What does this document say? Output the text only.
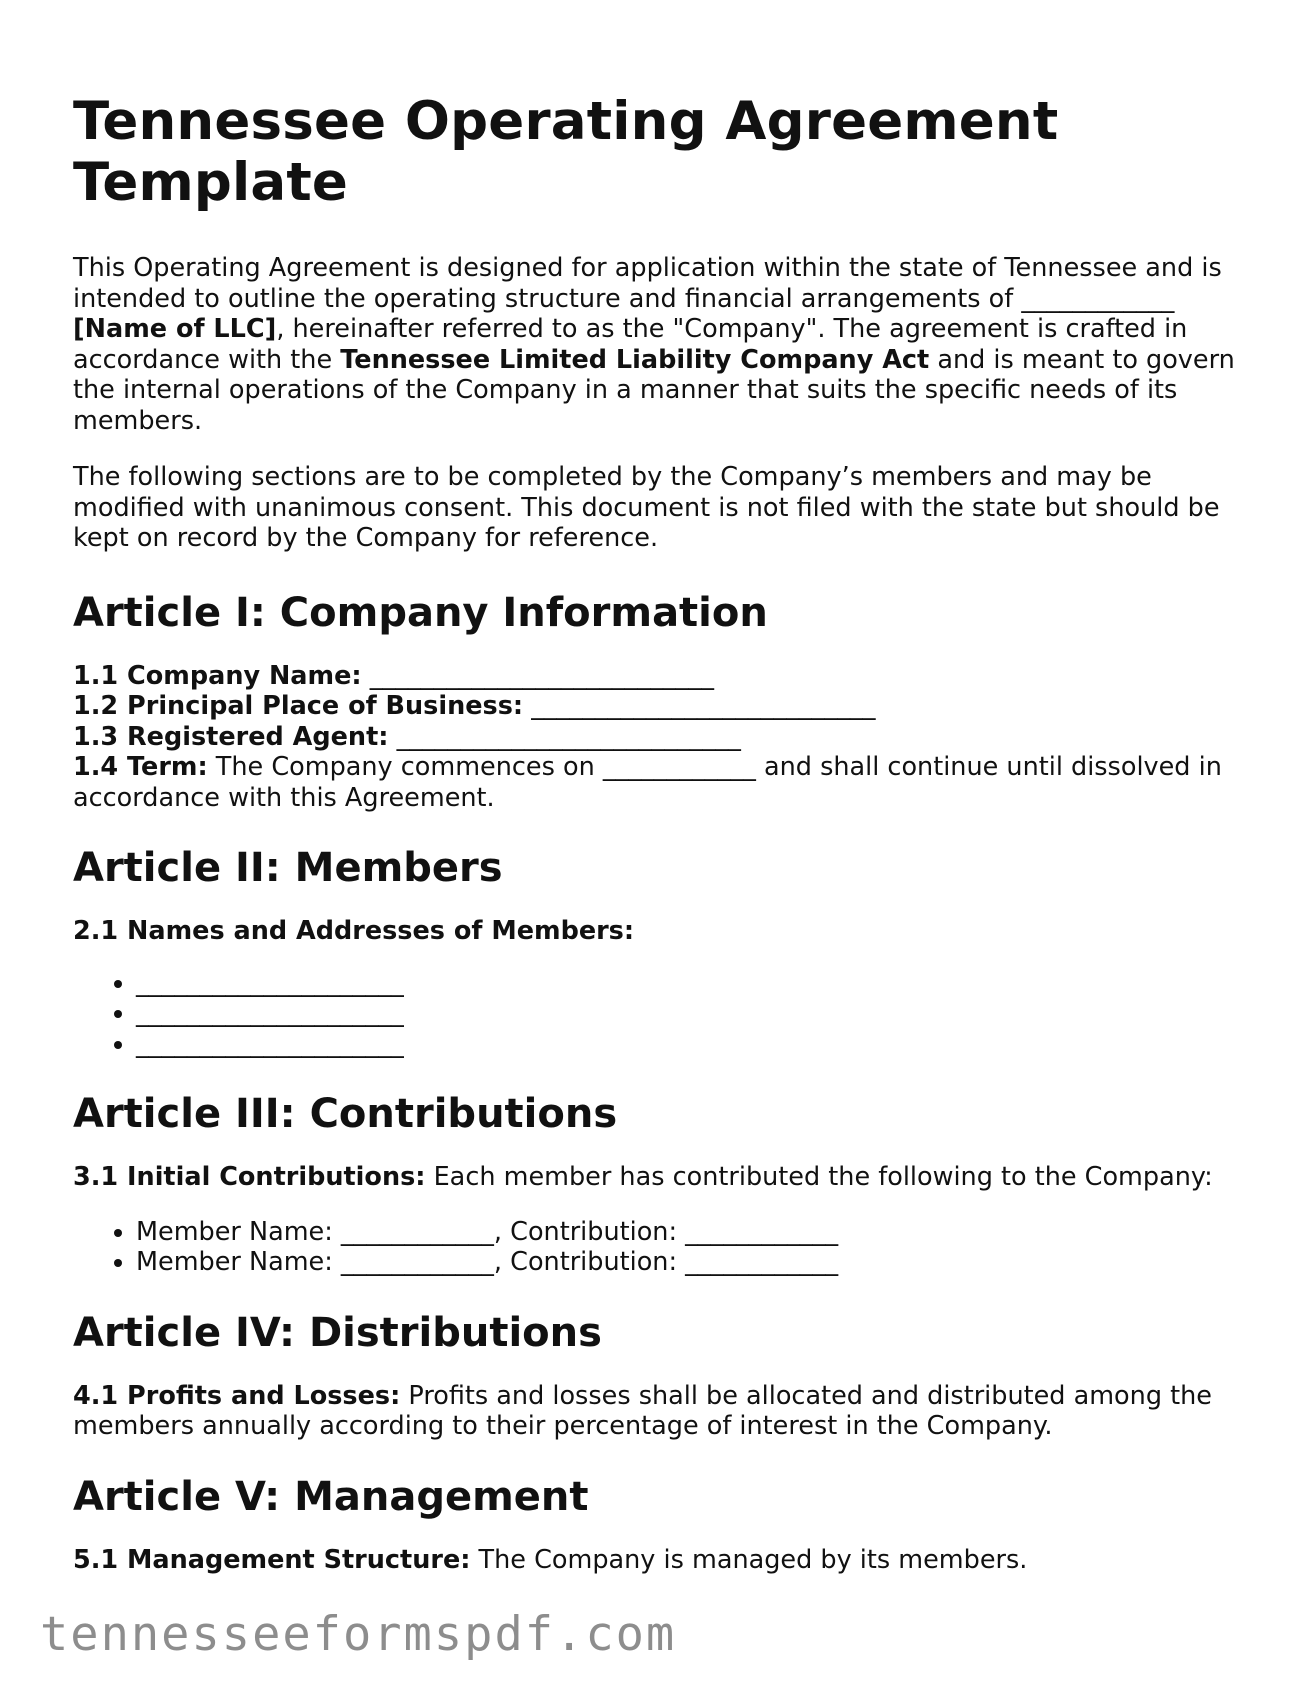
Tennessee Operating Agreement Template

This Operating Agreement is designed for application within the state of Tennessee and is intended to outline the operating structure and financial arrangements of ____________
[Name of LLC], hereinafter referred to as the "Company". The agreement is crafted in accordance with the Tennessee Limited Liability Company Act and is meant to govern the internal operations of the Company in a manner that suits the specific needs of its members.

The following sections are to be completed by the Company’s members and may be modified with unanimous consent. This document is not filed with the state but should be kept on record by the Company for reference.

Article I: Company Information

1.1 Company Name: ___________________________

1.2 Principal Place of Business: ___________________________

1.3 Registered Agent: ___________________________

1.4 Term: The Company commences on ____________ and shall continue until dissolved in accordance with this Agreement.

Article II: Members

2.1 Names and Addresses of Members:

• _____________________
• _____________________
• _____________________
Article III: Contributions

3.1 Initial Contributions: Each member has contributed the following to the Company:

• Member Name: ____________, Contribution: ____________
• Member Name: ____________, Contribution: ____________
Article IV: Distributions

4.1 Profits and Losses: Profits and losses shall be allocated and distributed among the members annually according to their percentage of interest in the Company.

Article V: Management

5.1 Management Structure: The Company is managed by its members.

tennesseeformspdf.com
